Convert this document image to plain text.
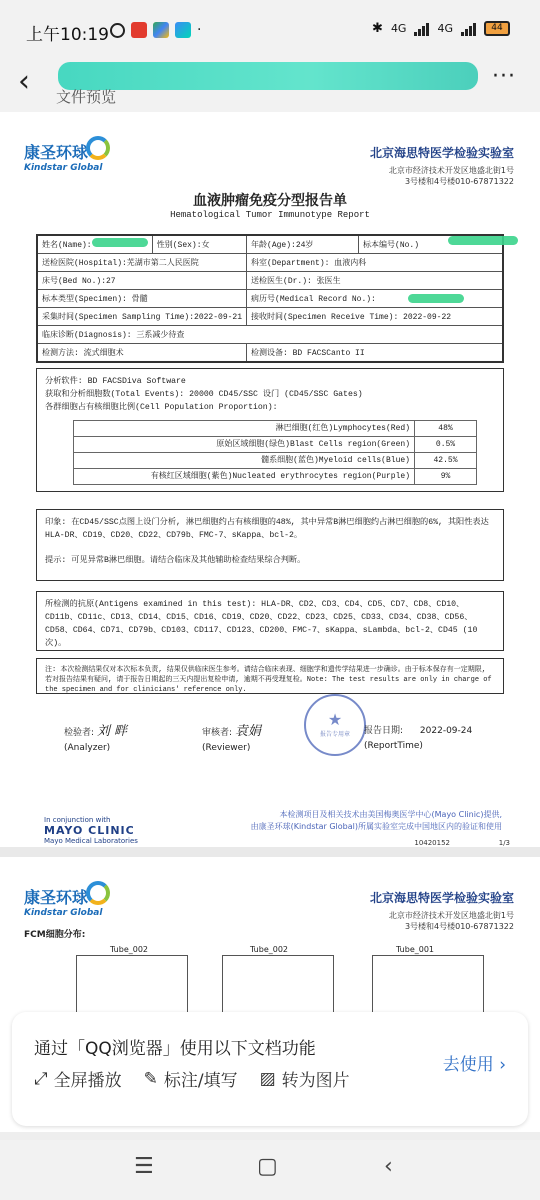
上午10:19	·	✱ 4G	4G	44
‹	···
文件预览
康圣环球
Kindstar Global
北京海思特医学检验实验室
北京市经济技术开发区地盛北街1号
3号楼和4号楼010-67871322
血液肿瘤免疫分型报告单
Hematological Tumor Immunotype Report
姓名(Name):	性别(Sex):女	年龄(Age):24岁	标本编号(No.)
送检医院(Hospital):芜湖市第二人民医院		科室(Department): 血液内科	
床号(Bed No.):27		送检医生(Dr.): 张医生	
标本类型(Specimen): 骨髓		病历号(Medical Record No.):	
采集时间(Specimen Sampling Time):2022-09-21		接收时间(Specimen Receive Time): 2022-09-22	
临床诊断(Diagnosis): 三系减少待查			
检测方法: 流式细胞术		检测设备: BD FACSCanto II	
分析软件: BD FACSDiva Software
获取和分析细胞数(Total Events): 20000 CD45/SSC 设门 (CD45/SSC Gates)
各群细胞占有核细胞比例(Cell Population Proportion):
淋巴细胞(红色)Lymphocytes(Red)	48%
原始区域细胞(绿色)Blast Cells region(Green)	0.5%
髓系细胞(蓝色)Myeloid cells(Blue)	42.5%
有核红区域细胞(紫色)Nucleated erythrocytes region(Purple)	9%
印象: 在CD45/SSC点图上设门分析, 淋巴细胞约占有核细胞的48%, 其中异常B淋巴细胞约占淋巴细胞的6%, 其阳性表达HLA-DR、CD19、CD20、CD22、CD79b、FMC-7、sKappa、bcl-2。
提示: 可见异常B淋巴细胞。请结合临床及其他辅助检查结果综合判断。
所检测的抗原(Antigens examined in this test): HLA-DR、CD2、CD3、CD4、CD5、CD7、CD8、CD10、CD11b、CD11c、CD13、CD14、CD15、CD16、CD19、CD20、CD22、CD23、CD25、CD33、CD34、CD38、CD56、CD58、CD64、CD71、CD79b、CD103、CD117、CD123、CD200、FMC-7、sKappa、sLambda、bcl-2、CD45 (10次)。
注: 本次检测结果仅对本次标本负责, 结果仅供临床医生参考。请结合临床表现、细胞学和遗传学结果进一步确诊。由于标本保存有一定期限, 若对报告结果有疑问, 请于报告日期起的三天内提出复检申请, 逾期不再受理复检。Note: The test results are only in charge of the specimen and for clinicians' reference only.
检验者: 刘 畔
(Analyzer)
审核者: 袁娟
(Reviewer)
★
报告专用章	报告日期: 2022-09-24
(ReportTime)
In conjunction with
MAYO CLINIC
Mayo Medical Laboratories
本检测项目及相关技术由美国梅奥医学中心(Mayo Clinic)提供,
由康圣环球(Kindstar Global)所属实验室完成中国地区内的验证和使用
10420152	1/3
康圣环球
Kindstar Global
北京海思特医学检验实验室
北京市经济技术开发区地盛北街1号
3号楼和4号楼010-67871322
FCM细胞分布:
Tube_002	Tube_002	Tube_001
通过「QQ浏览器」使用以下文档功能
⤢ 全屏播放 ✎ 标注/填写 ▨ 转为图片
去使用 ›
☰	▢	‹
